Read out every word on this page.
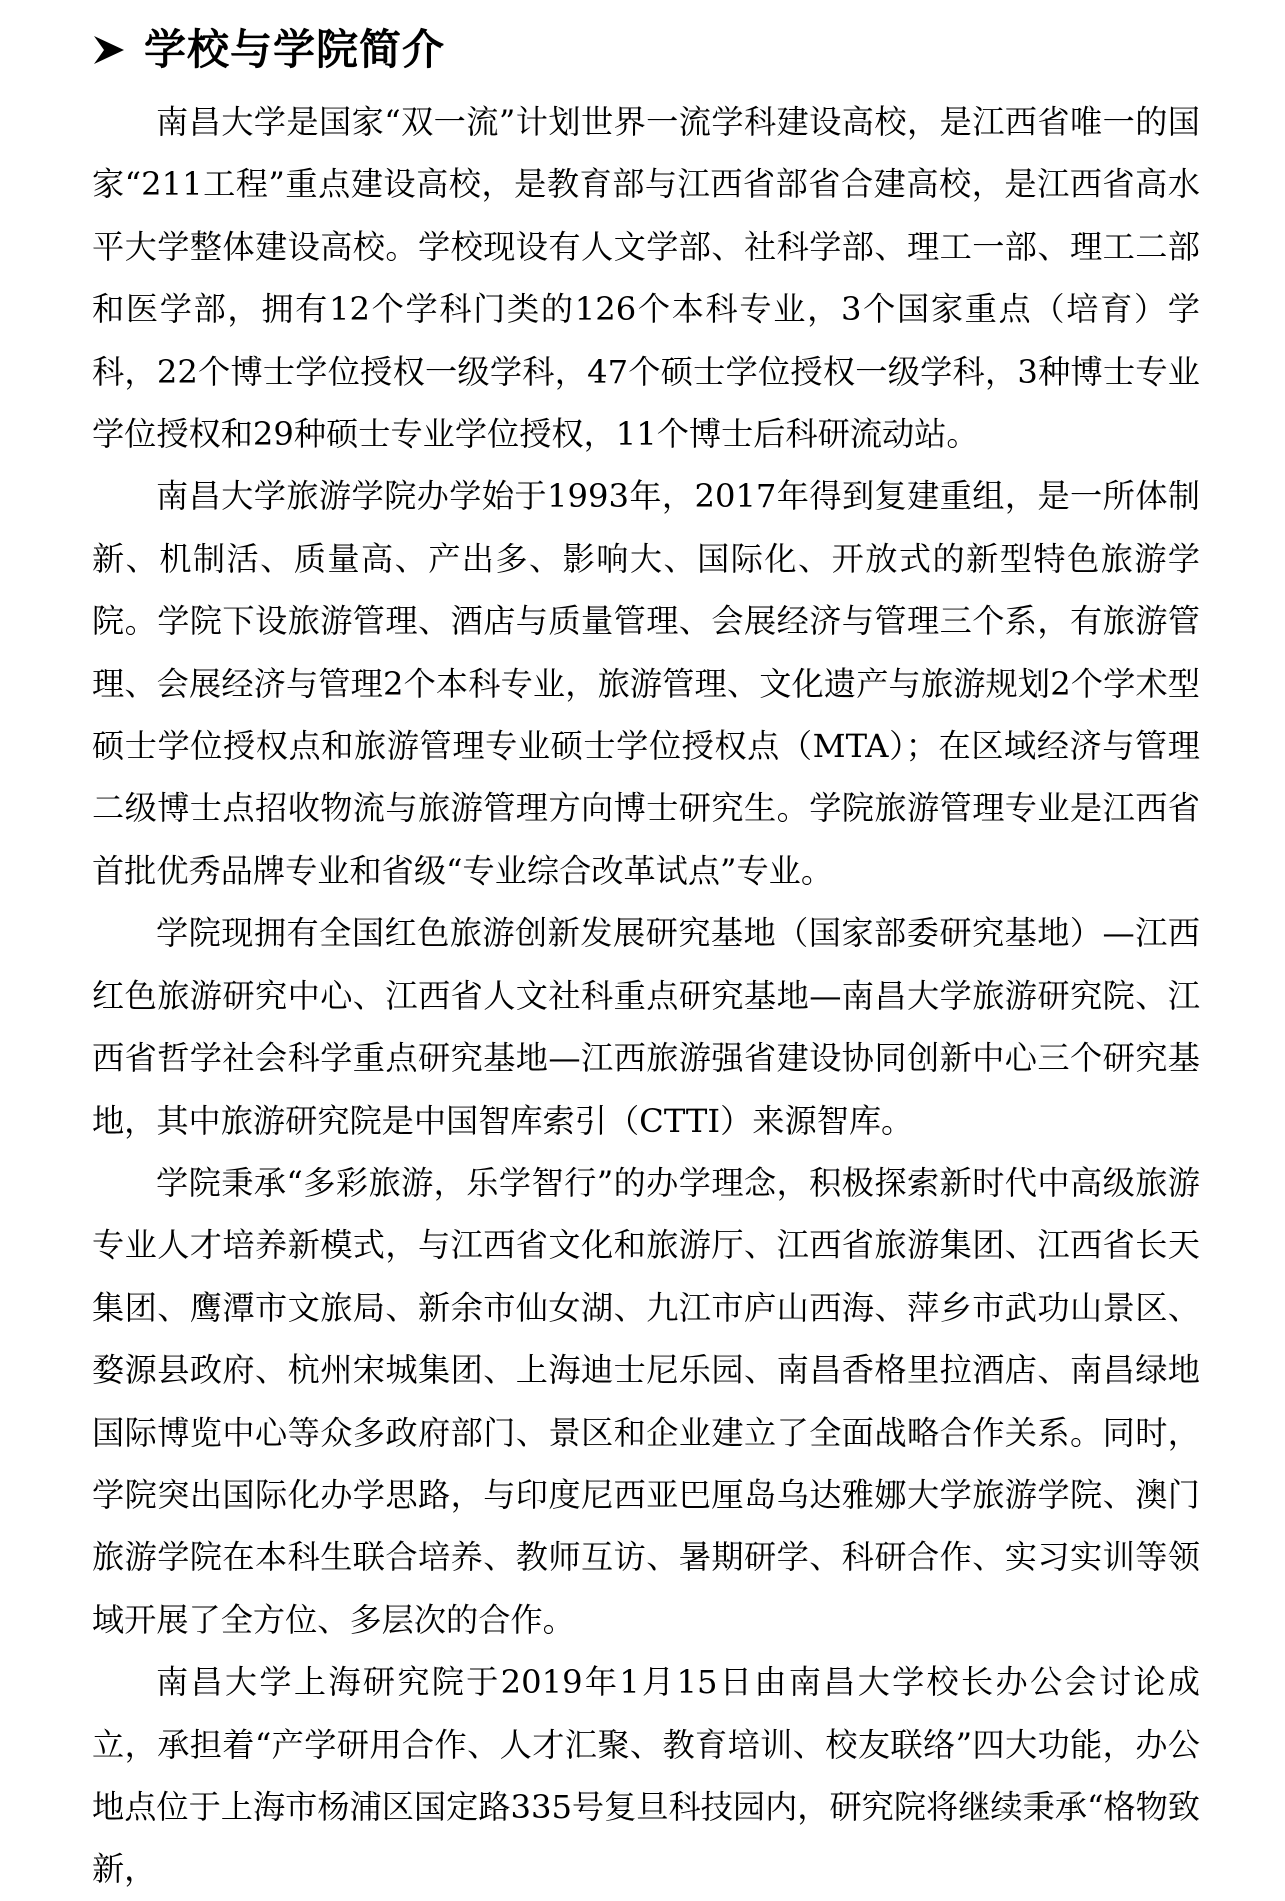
学校与学院简介

南昌大学是国家“双一流”计划世界一流学科建设高校，是江西省唯一的国家“211工程”重点建设高校，是教育部与江西省部省合建高校，是江西省高水平大学整体建设高校。学校现设有人文学部、社科学部、理工一部、理工二部和医学部，拥有12个学科门类的126个本科专业，3个国家重点（培育）学科，22个博士学位授权一级学科，47个硕士学位授权一级学科，3种博士专业学位授权和29种硕士专业学位授权，11个博士后科研流动站。

南昌大学旅游学院办学始于1993年，2017年得到复建重组，是一所体制新、机制活、质量高、产出多、影响大、国际化、开放式的新型特色旅游学院。学院下设旅游管理、酒店与质量管理、会展经济与管理三个系，有旅游管理、会展经济与管理2个本科专业，旅游管理、文化遗产与旅游规划2个学术型硕士学位授权点和旅游管理专业硕士学位授权点（MTA）；在区域经济与管理二级博士点招收物流与旅游管理方向博士研究生。学院旅游管理专业是江西省首批优秀品牌专业和省级“专业综合改革试点”专业。

学院现拥有全国红色旅游创新发展研究基地（国家部委研究基地）—江西红色旅游研究中心、江西省人文社科重点研究基地—南昌大学旅游研究院、江西省哲学社会科学重点研究基地—江西旅游强省建设协同创新中心三个研究基地，其中旅游研究院是中国智库索引（CTTI）来源智库。

学院秉承“多彩旅游，乐学智行”的办学理念，积极探索新时代中高级旅游专业人才培养新模式，与江西省文化和旅游厅、江西省旅游集团、江西省长天集团、鹰潭市文旅局、新余市仙女湖、九江市庐山西海、萍乡市武功山景区、婺源县政府、杭州宋城集团、上海迪士尼乐园、南昌香格里拉酒店、南昌绿地国际博览中心等众多政府部门、景区和企业建立了全面战略合作关系。同时，学院突出国际化办学思路，与印度尼西亚巴厘岛乌达雅娜大学旅游学院、澳门旅游学院在本科生联合培养、教师互访、暑期研学、科研合作、实习实训等领域开展了全方位、多层次的合作。

南昌大学上海研究院于2019年1月15日由南昌大学校长办公会讨论成立，承担着“产学研用合作、人才汇聚、教育培训、校友联络”四大功能，办公地点位于上海市杨浦区国定路335号复旦科技园内，研究院将继续秉承“格物致新，
